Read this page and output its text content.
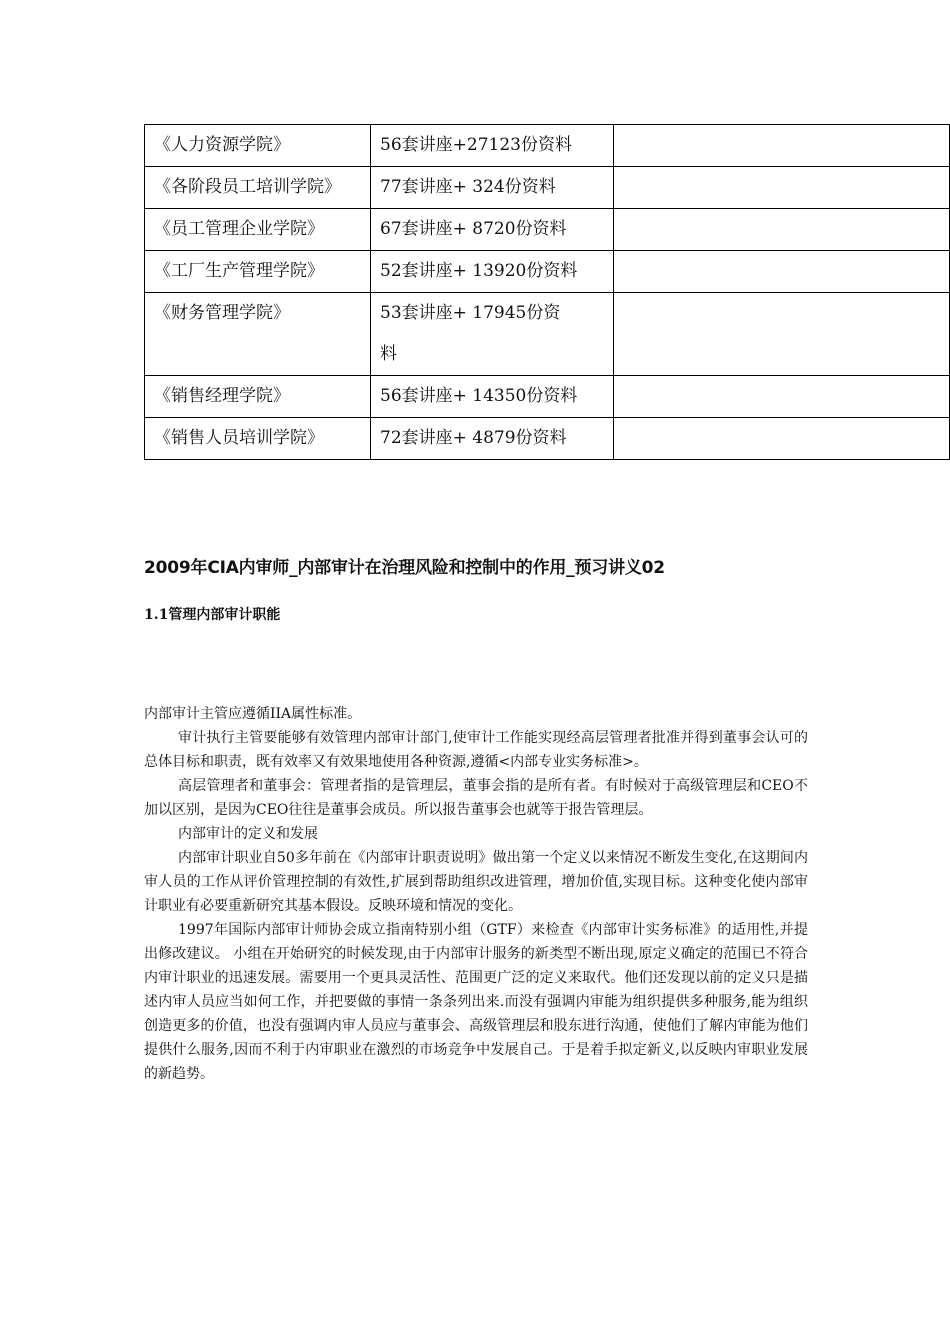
《人力资源学院》	56套讲座+27123份资料	
《各阶段员工培训学院》	77套讲座+ 324份资料	
《员工管理企业学院》	67套讲座+ 8720份资料	
《工厂生产管理学院》	52套讲座+ 13920份资料	
《财务管理学院》	53套讲座+ 17945份资料	
《销售经理学院》	56套讲座+ 14350份资料	
《销售人员培训学院》	72套讲座+ 4879份资料	
2009年CIA内审师_内部审计在治理风险和控制中的作用_预习讲义02
1.1管理内部审计职能

内部审计主管应遵循IIA属性标准。

审计执行主管要能够有效管理内部审计部门,使审计工作能实现经高层管理者批准并得到董事会认可的总体目标和职责，既有效率又有效果地使用各种资源,遵循<内部专业实务标准>。

高层管理者和董事会：管理者指的是管理层，董事会指的是所有者。有时候对于高级管理层和CEO不加以区别，是因为CEO往往是董事会成员。所以报告董事会也就等于报告管理层。

内部审计的定义和发展

内部审计职业自50多年前在《内部审计职责说明》做出第一个定义以来情况不断发生变化,在这期间内审人员的工作从评价管理控制的有效性,扩展到帮助组织改进管理，增加价值,实现目标。这种变化使内部审计职业有必要重新研究其基本假设。反映环境和情况的变化。

1997年国际内部审计师协会成立指南特别小组（GTF）来检查《内部审计实务标准》的适用性,并提出修改建议。 小组在开始研究的时候发现,由于内部审计服务的新类型不断出现,原定义确定的范围已不符合内审计职业的迅速发展。需要用一个更具灵活性、范围更广泛的定义来取代。他们还发现以前的定义只是描述内审人员应当如何工作，并把要做的事情一条条列出来.而没有强调内审能为组织提供多种服务,能为组织创造更多的价值，也没有强调内审人员应与董事会、高级管理层和股东进行沟通，使他们了解内审能为他们提供什么服务,因而不利于内审职业在激烈的市场竞争中发展自己。于是着手拟定新义,以反映内审职业发展的新趋势。
